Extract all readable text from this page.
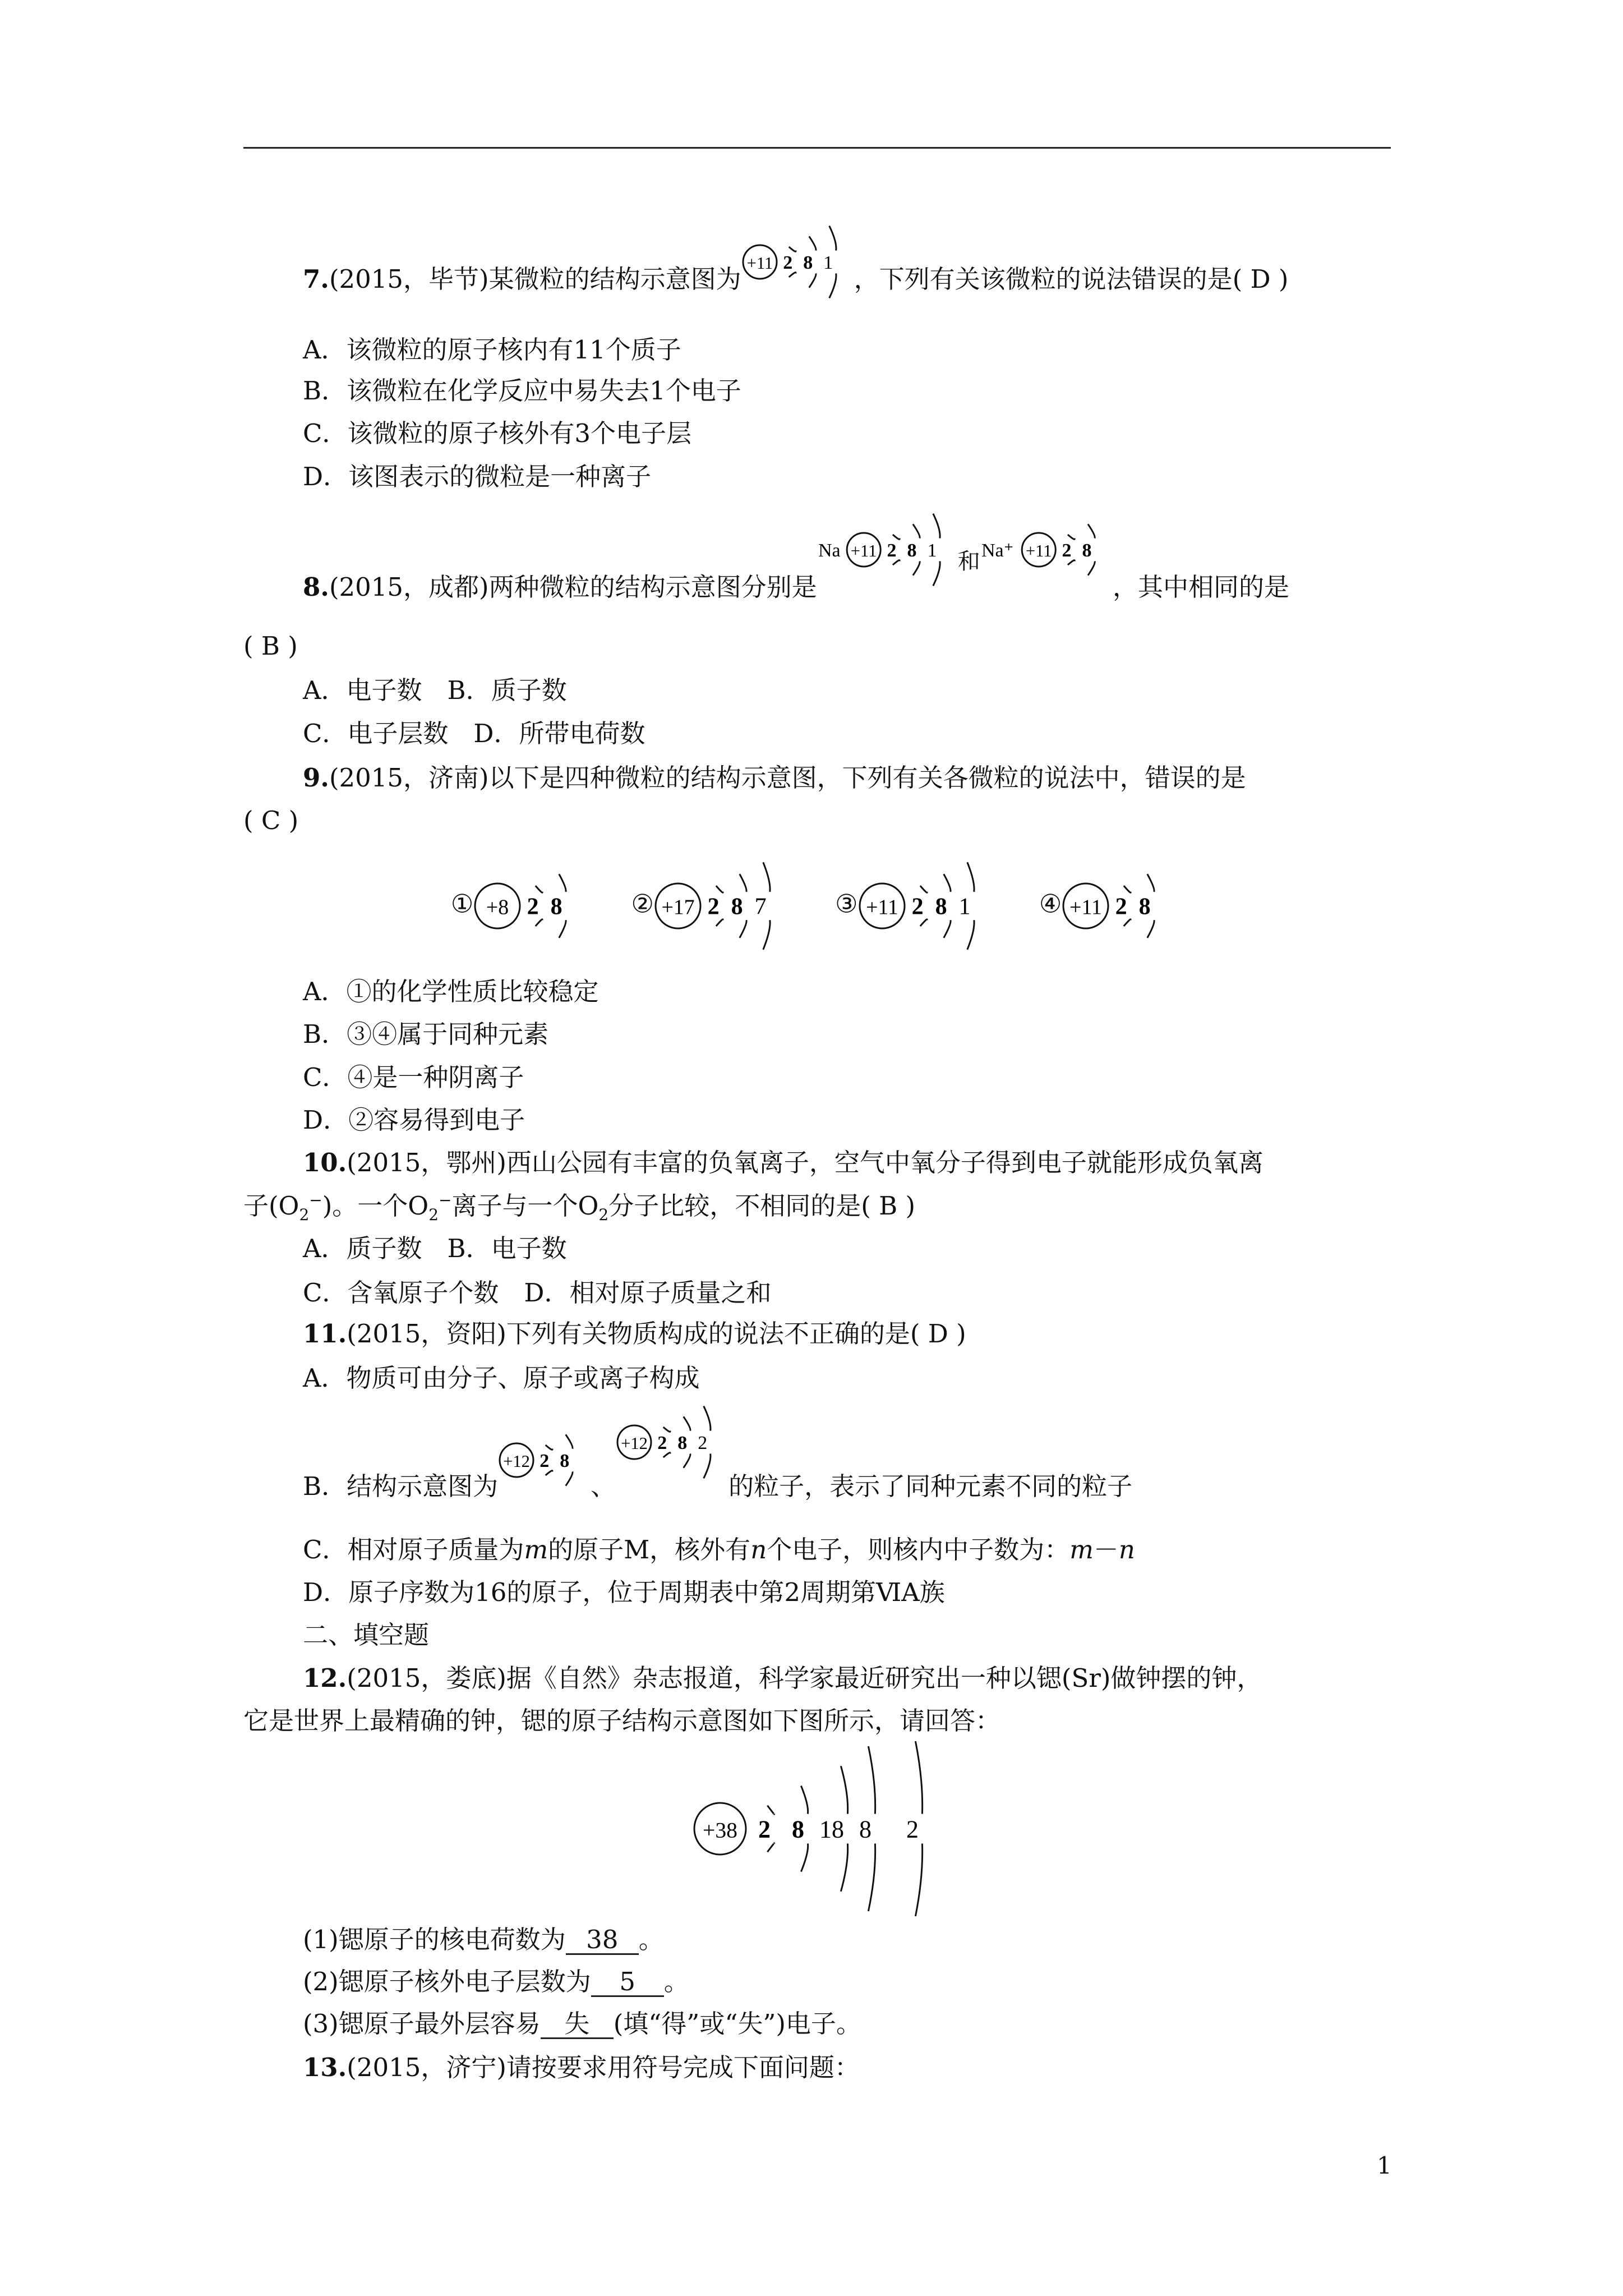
7.(2015，毕节)某微粒的结构示意图为
+11 2 8 1
，下列有关该微粒的说法错误的是( D )
A．该微粒的原子核内有11个质子
B．该微粒在化学反应中易失去1个电子
C．该微粒的原子核外有3个电子层
D．该图表示的微粒是一种离子
8.(2015，成都)两种微粒的结构示意图分别是
Na +11 2 8 1 和 Na⁺ +11 2 8
，其中相同的是
( B )
A．电子数　B．质子数
C．电子层数　D．所带电荷数
9.(2015，济南)以下是四种微粒的结构示意图，下列有关各微粒的说法中，错误的是
( C )
① +8 2 8	② +17 2 8 7	③ +11 2 8 1	④ +11 2 8
A．①的化学性质比较稳定
B．③④属于同种元素
C．④是一种阴离子
D．②容易得到电子
10.(2015，鄂州)西山公园有丰富的负氧离子，空气中氧分子得到电子就能形成负氧离
子$(O_2^-)$。一个$O_2^-$离子与一个$O_2$分子比较，不相同的是( B )
A．质子数　B．电子数
C．含氧原子个数　D．相对原子质量之和
11.(2015，资阳)下列有关物质构成的说法不正确的是( D )
A．物质可由分子、原子或离子构成
B．结构示意图为
+12 2 8
、
+12 2 8 2
的粒子，表示了同种元素不同的粒子
C．相对原子质量为m的原子M，核外有n个电子，则核内中子数为：m－n
D．原子序数为16的原子，位于周期表中第2周期第ⅥA族
二、填空题
12.(2015，娄底)据《自然》杂志报道，科学家最近研究出一种以锶(Sr)做钟摆的钟，
它是世界上最精确的钟，锶的原子结构示意图如下图所示，请回答：
+38 2 8 18 8 2
(1)锶原子的核电荷数为 38 。
(2)锶原子核外电子层数为 5 。
(3)锶原子最外层容易 失 (填“得”或“失”)电子。
13.(2015，济宁)请按要求用符号完成下面问题：
1
